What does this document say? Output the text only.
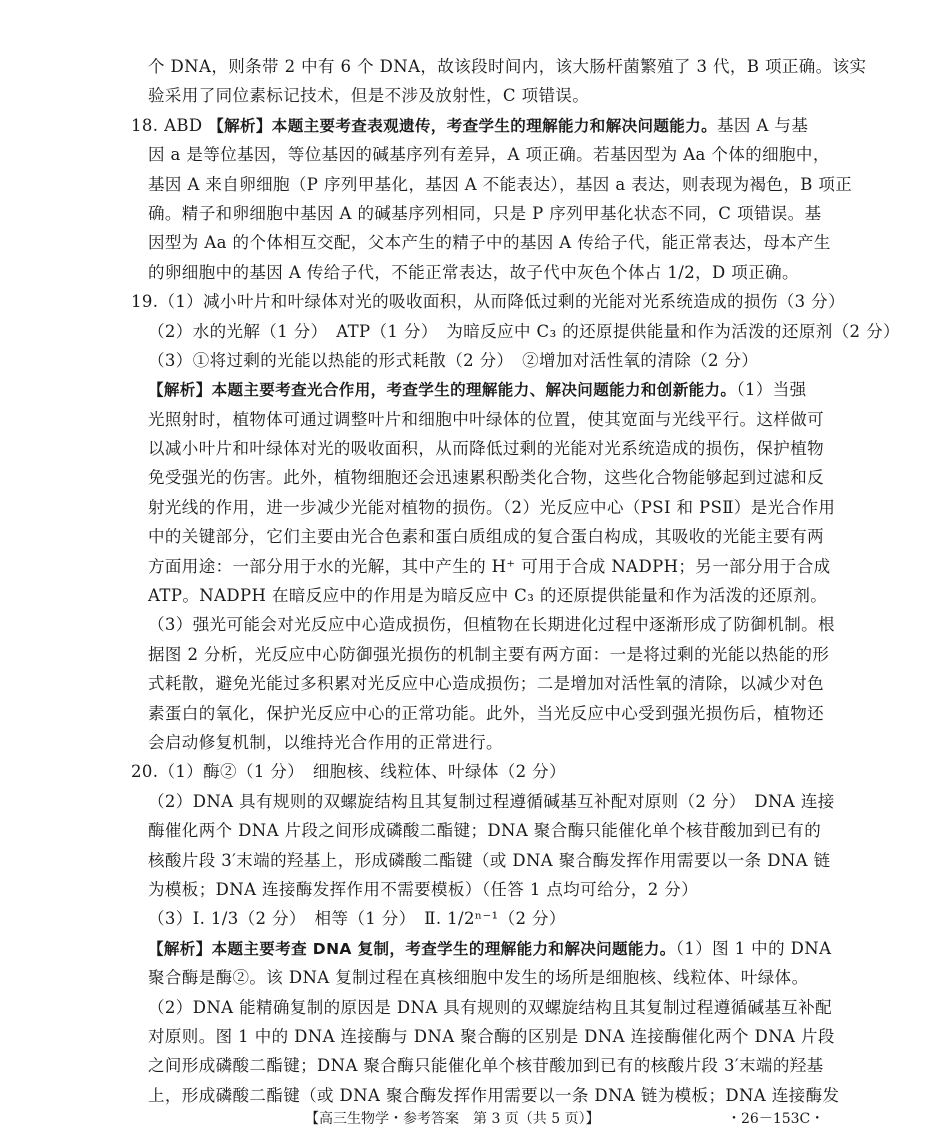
个 DNA，则条带 2 中有 6 个 DNA，故该段时间内，该大肠杆菌繁殖了 3 代，B 项正确。该实
验采用了同位素标记技术，但是不涉及放射性，C 项错误。
18. ABD 【解析】本题主要考查表观遗传，考查学生的理解能力和解决问题能力。基因 A 与基
因 a 是等位基因，等位基因的碱基序列有差异，A 项正确。若基因型为 Aa 个体的细胞中，
基因 A 来自卵细胞（P 序列甲基化，基因 A 不能表达），基因 a 表达，则表现为褐色，B 项正
确。精子和卵细胞中基因 A 的碱基序列相同，只是 P 序列甲基化状态不同，C 项错误。基
因型为 Aa 的个体相互交配，父本产生的精子中的基因 A 传给子代，能正常表达，母本产生
的卵细胞中的基因 A 传给子代，不能正常表达，故子代中灰色个体占 1/2，D 项正确。
19.（1）减小叶片和叶绿体对光的吸收面积，从而降低过剩的光能对光系统造成的损伤（3 分）
（2）水的光解（1 分）　ATP（1 分）　为暗反应中 C₃ 的还原提供能量和作为活泼的还原剂（2 分）
（3）①将过剩的光能以热能的形式耗散（2 分）　②增加对活性氧的清除（2 分）
【解析】本题主要考查光合作用，考查学生的理解能力、解决问题能力和创新能力。（1）当强
光照射时，植物体可通过调整叶片和细胞中叶绿体的位置，使其宽面与光线平行。这样做可
以减小叶片和叶绿体对光的吸收面积，从而降低过剩的光能对光系统造成的损伤，保护植物
免受强光的伤害。此外，植物细胞还会迅速累积酚类化合物，这些化合物能够起到过滤和反
射光线的作用，进一步减少光能对植物的损伤。（2）光反应中心（PSⅠ 和 PSⅡ）是光合作用
中的关键部分，它们主要由光合色素和蛋白质组成的复合蛋白构成，其吸收的光能主要有两
方面用途：一部分用于水的光解，其中产生的 H⁺ 可用于合成 NADPH；另一部分用于合成
ATP。NADPH 在暗反应中的作用是为暗反应中 C₃ 的还原提供能量和作为活泼的还原剂。
（3）强光可能会对光反应中心造成损伤，但植物在长期进化过程中逐渐形成了防御机制。根
据图 2 分析，光反应中心防御强光损伤的机制主要有两方面：一是将过剩的光能以热能的形
式耗散，避免光能过多积累对光反应中心造成损伤；二是增加对活性氧的清除，以减少对色
素蛋白的氧化，保护光反应中心的正常功能。此外，当光反应中心受到强光损伤后，植物还
会启动修复机制，以维持光合作用的正常进行。
20.（1）酶②（1 分）　细胞核、线粒体、叶绿体（2 分）
（2）DNA 具有规则的双螺旋结构且其复制过程遵循碱基互补配对原则（2 分）　DNA 连接
酶催化两个 DNA 片段之间形成磷酸二酯键；DNA 聚合酶只能催化单个核苷酸加到已有的
核酸片段 3′末端的羟基上，形成磷酸二酯键（或 DNA 聚合酶发挥作用需要以一条 DNA 链
为模板；DNA 连接酶发挥作用不需要模板）（任答 1 点均可给分，2 分）
（3）Ⅰ. 1/3（2 分）　相等（1 分）　Ⅱ. 1/2ⁿ⁻¹（2 分）
【解析】本题主要考查 DNA 复制，考查学生的理解能力和解决问题能力。（1）图 1 中的 DNA
聚合酶是酶②。该 DNA 复制过程在真核细胞中发生的场所是细胞核、线粒体、叶绿体。
（2）DNA 能精确复制的原因是 DNA 具有规则的双螺旋结构且其复制过程遵循碱基互补配
对原则。图 1 中的 DNA 连接酶与 DNA 聚合酶的区别是 DNA 连接酶催化两个 DNA 片段
之间形成磷酸二酯键；DNA 聚合酶只能催化单个核苷酸加到已有的核酸片段 3′末端的羟基
上，形成磷酸二酯键（或 DNA 聚合酶发挥作用需要以一条 DNA 链为模板；DNA 连接酶发
【高三生物学・参考答案　第 3 页（共 5 页）】	・26－153C・
